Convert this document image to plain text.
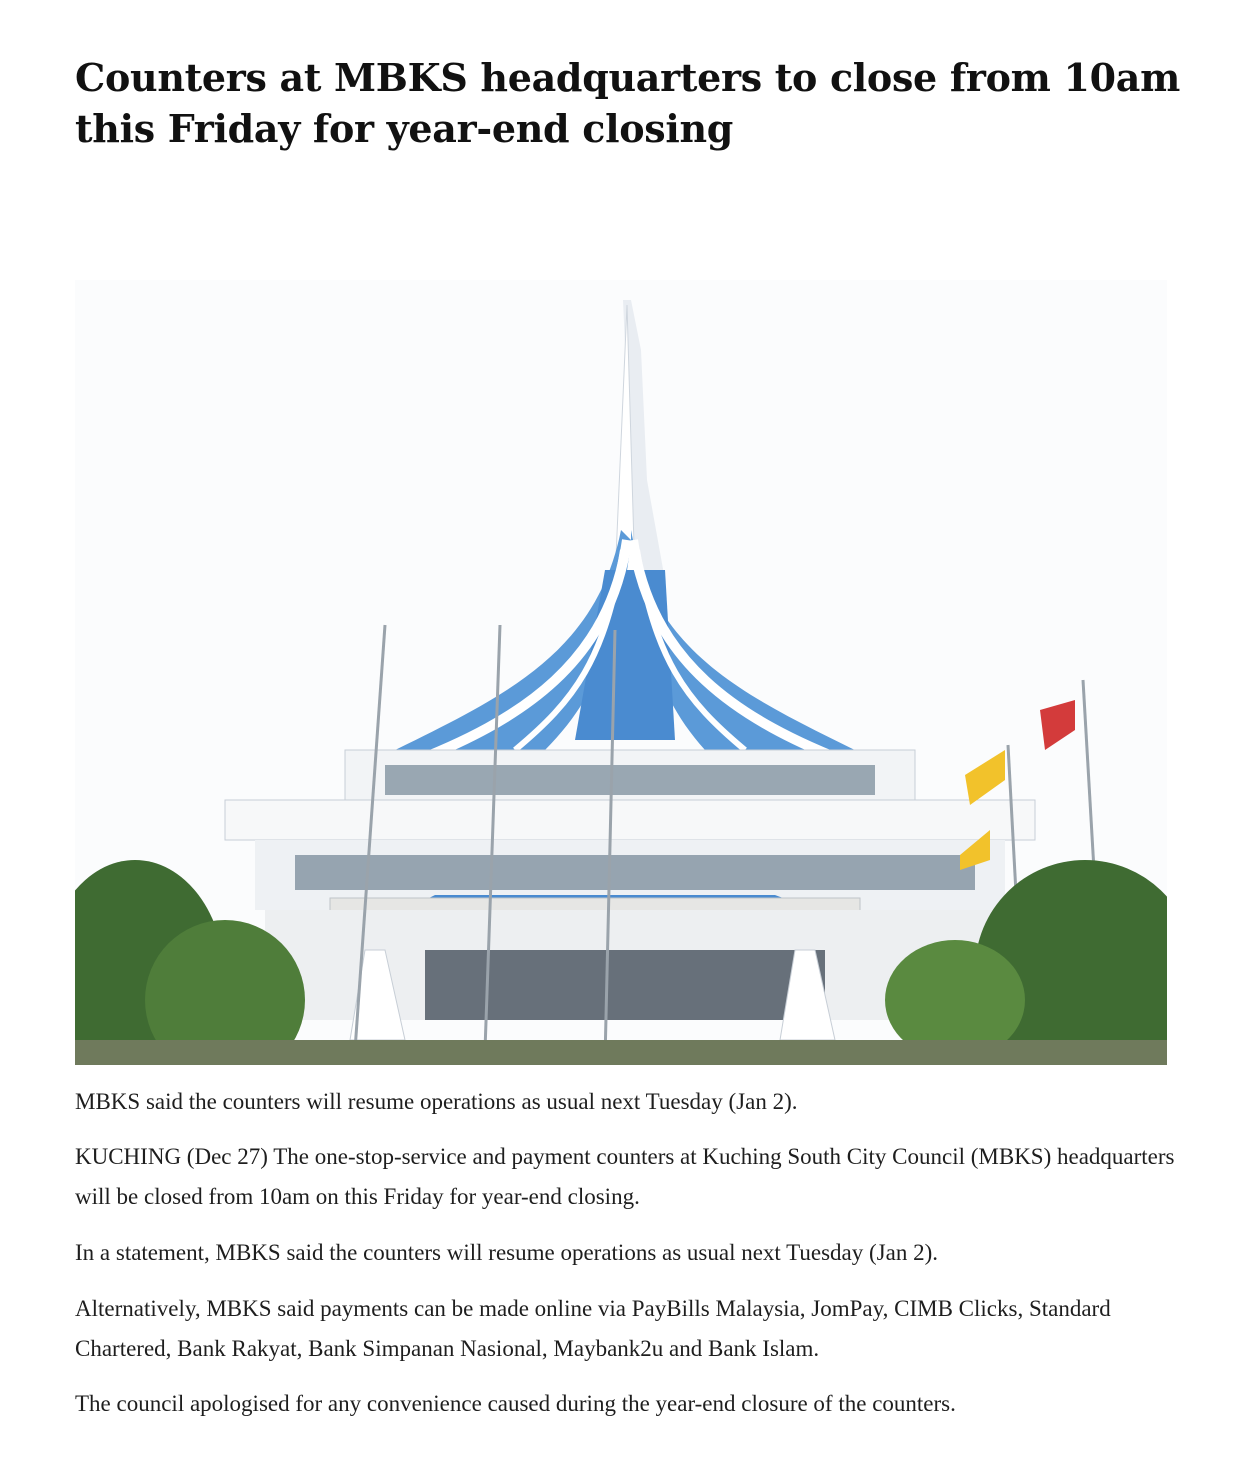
Counters at MBKS headquarters to close from 10am this Friday for year-end closing

MBKS said the counters will resume operations as usual next Tuesday (Jan 2).

KUCHING (Dec 27) The one-stop-service and payment counters at Kuching South City Council (MBKS) headquarters will be closed from 10am on this Friday for year-end closing.

In a statement, MBKS said the counters will resume operations as usual next Tuesday (Jan 2).

Alternatively, MBKS said payments can be made online via PayBills Malaysia, JomPay, CIMB Clicks, Standard Chartered, Bank Rakyat, Bank Simpanan Nasional, Maybank2u and Bank Islam.

The council apologised for any convenience caused during the year-end closure of the counters.
